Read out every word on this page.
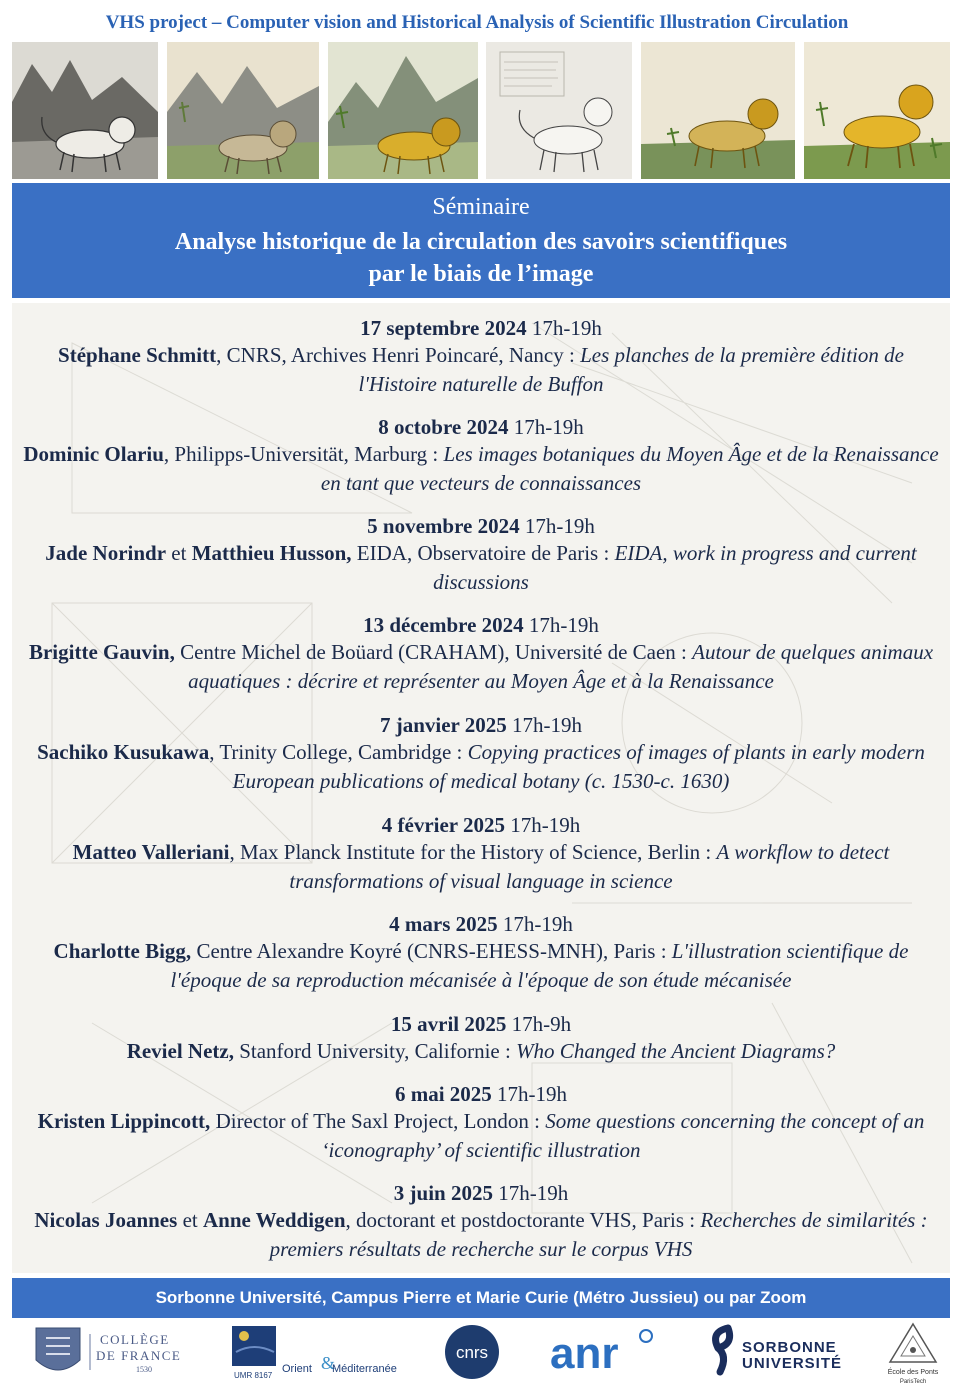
VHS project – Computer vision and Historical Analysis of Scientific Illustration Circulation
Séminaire
Analyse historique de la circulation des savoirs scientifiques
par le biais de l’image
17 septembre 2024 17h-19h
Stéphane Schmitt, CNRS, Archives Henri Poincaré, Nancy : Les planches de la première édition de l'Histoire naturelle de Buffon
8 octobre 2024 17h-19h
Dominic Olariu, Philipps-Universität, Marburg : Les images botaniques du Moyen Âge et de la Renaissance en tant que vecteurs de connaissances
5 novembre 2024 17h-19h
Jade Norindr et Matthieu Husson, EIDA, Observatoire de Paris : EIDA, work in progress and current discussions
13 décembre 2024 17h-19h
Brigitte Gauvin, Centre Michel de Boüard (CRAHAM), Université de Caen : Autour de quelques animaux aquatiques : décrire et représenter au Moyen Âge et à la Renaissance
7 janvier 2025 17h-19h
Sachiko Kusukawa, Trinity College, Cambridge : Copying practices of images of plants in early modern European publications of medical botany (c. 1530-c. 1630)
4 février 2025 17h-19h
Matteo Valleriani, Max Planck Institute for the History of Science, Berlin : A workflow to detect transformations of visual language in science
4 mars 2025 17h-19h
Charlotte Bigg, Centre Alexandre Koyré (CNRS-EHESS-MNH), Paris : L'illustration scientifique de l'époque de sa reproduction mécanisée à l'époque de son étude mécanisée
15 avril 2025 17h-9h
Reviel Netz, Stanford University, Californie : Who Changed the Ancient Diagrams?
6 mai 2025 17h-19h
Kristen Lippincott, Director of The Saxl Project, London : Some questions concerning the concept of an ‘iconography’ of scientific illustration
3 juin 2025 17h-19h
Nicolas Joannes et Anne Weddigen, doctorant et postdoctorante VHS, Paris : Recherches de similarités : premiers résultats de recherche sur le corpus VHS
Sorbonne Université, Campus Pierre et Marie Curie (Métro Jussieu) ou par Zoom
COLLÈGE
DE FRANCE
1530
UMR 8167
Orient &
Méditerranée
cnrs anr	SORBONNE
UNIVERSITÉ
École des Ponts
ParisTech
